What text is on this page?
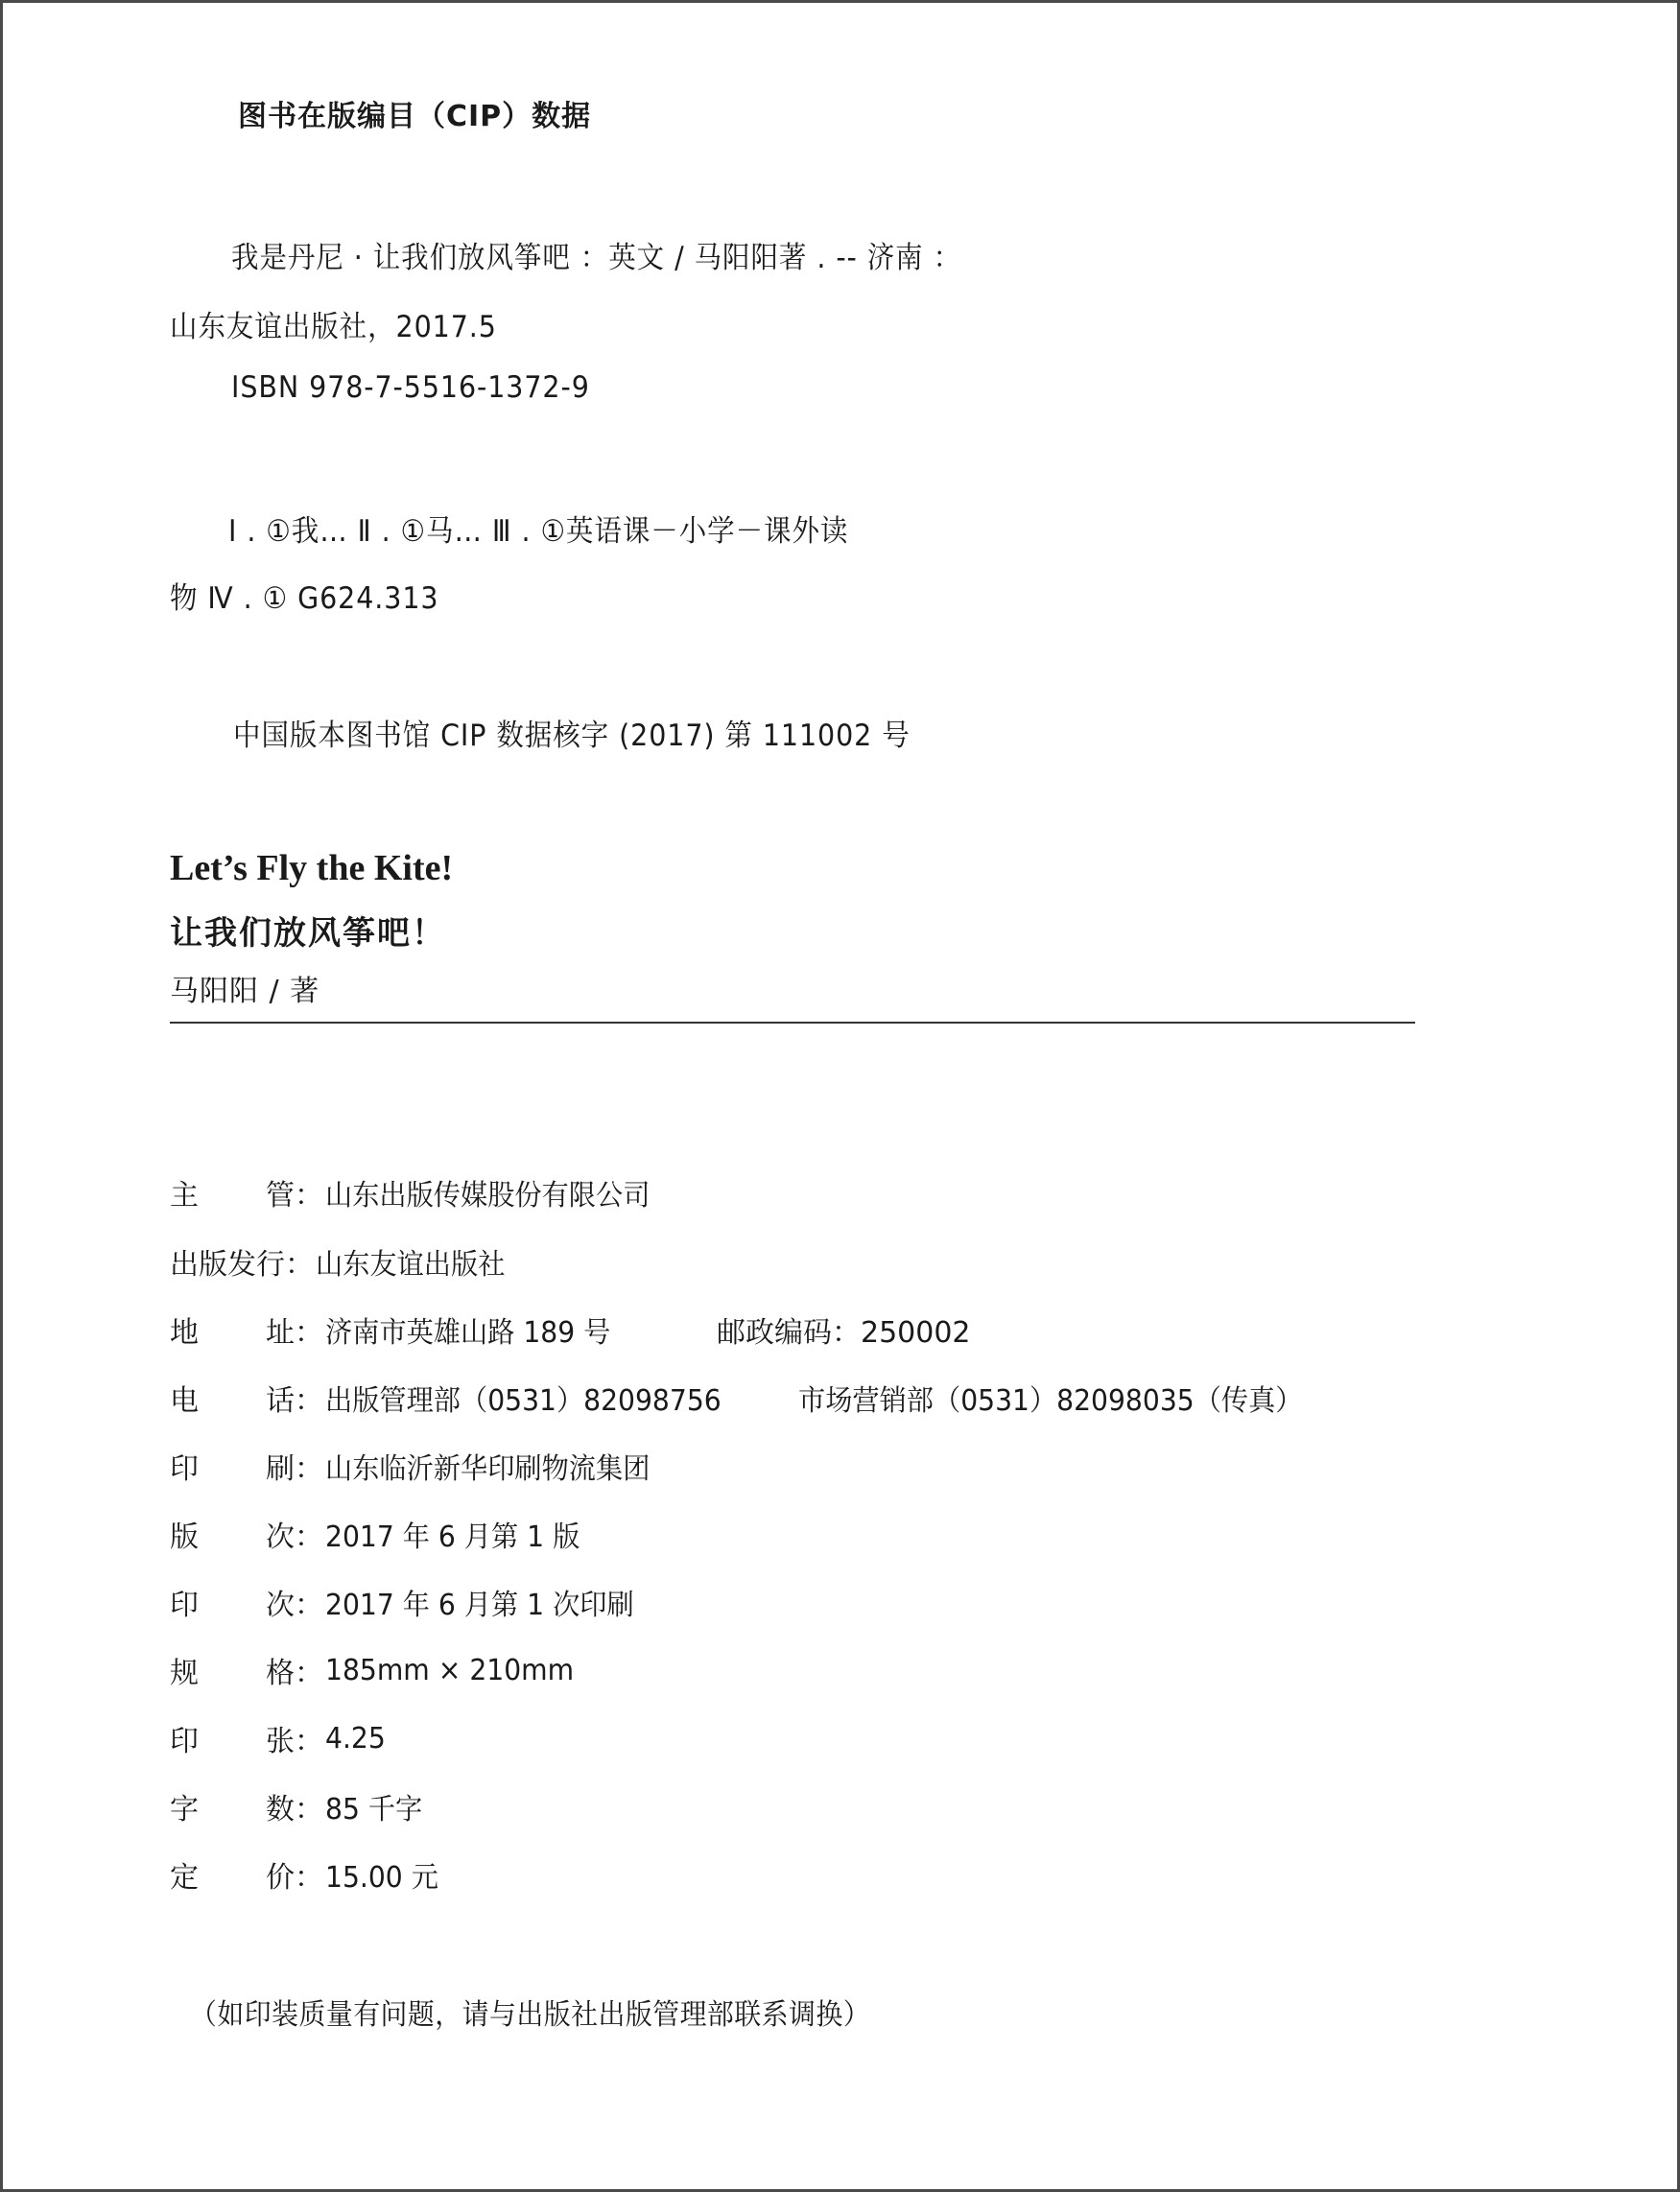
图书在版编目（CIP）数据
我是丹尼 · 让我们放风筝吧 ：英文 / 马阳阳著 . -- 济南 ：
山东友谊出版社，2017.5
ISBN 978-7-5516-1372-9
Ⅰ . ①我… Ⅱ . ①马… Ⅲ . ①英语课－小学－课外读
物 Ⅳ . ① G624.313
中国版本图书馆 CIP 数据核字 (2017) 第 111002 号
Let’s Fly the Kite!
让我们放风筝吧！
马阳阳 / 著
主	管 ： 山东出版传媒股份有限公司
出版发行 ： 山东友谊出版社
地	址 ： 济南市英雄山路 189 号	邮政编码：250002
电	话 ： 出版管理部（0531）82098756	市场营销部（0531）82098035（传真）
印	刷 ： 山东临沂新华印刷物流集团
版	次 ： 2017 年 6 月第 1 版
印	次 ： 2017 年 6 月第 1 次印刷
规	格 ： 185mm × 210mm
印	张 ： 4.25
字	数 ： 85 千字
定	价 ： 15.00 元
（如印装质量有问题，请与出版社出版管理部联系调换）
